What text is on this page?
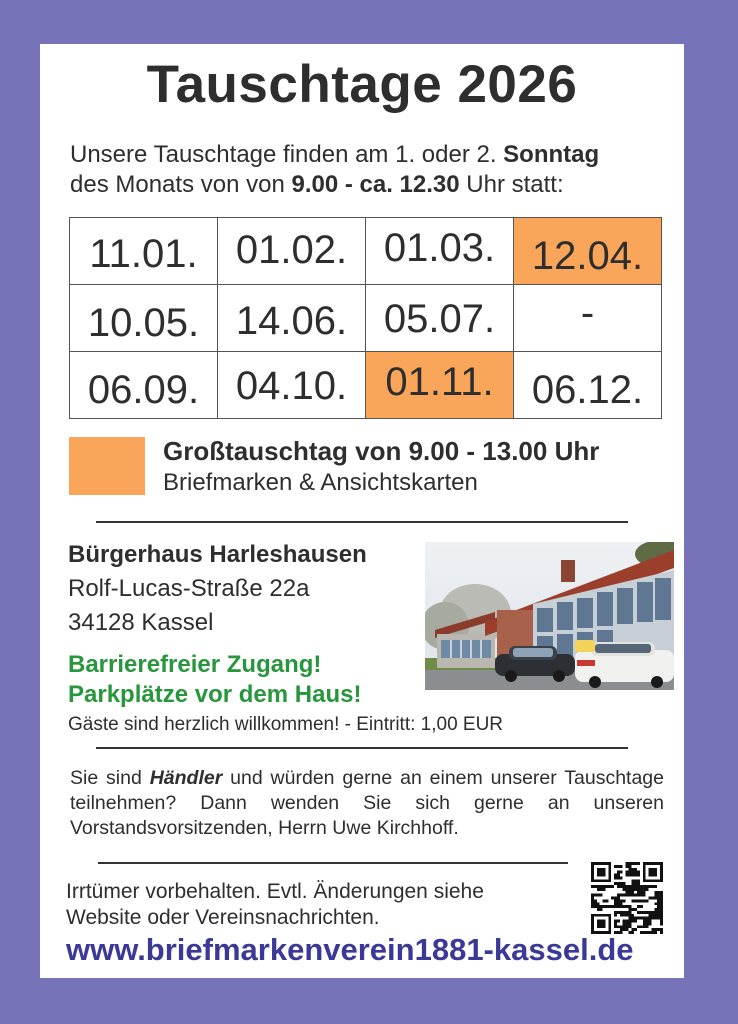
Tauschtage 2026
Unsere Tauschtage finden am 1. oder 2. Sonntag
des Monats von von 9.00 - ca. 12.30 Uhr statt:
11.01.	01.02.	01.03.	12.04.

10.05.	14.06.	05.07.	-

06.09.	04.10.	01.11.	06.12.
Großtauschtag von 9.00 - 13.00 Uhr
Briefmarken & Ansichtskarten
Bürgerhaus Harleshausen
Rolf-Lucas-Straße 22a
34128 Kassel
Barrierefreier Zugang!
Parkplätze vor dem Haus!
Gäste sind herzlich willkommen! - Eintritt: 1,00 EUR
Sie sind Händler und würden gerne an einem unserer Tauschtage teilnehmen? Dann wenden Sie sich gerne an unseren Vorstandsvorsitzenden, Herrn Uwe Kirchhoff.
Irrtümer vorbehalten. Evtl. Änderungen siehe
Website oder Vereinsnachrichten.
www.briefmarkenverein1881-kassel.de
